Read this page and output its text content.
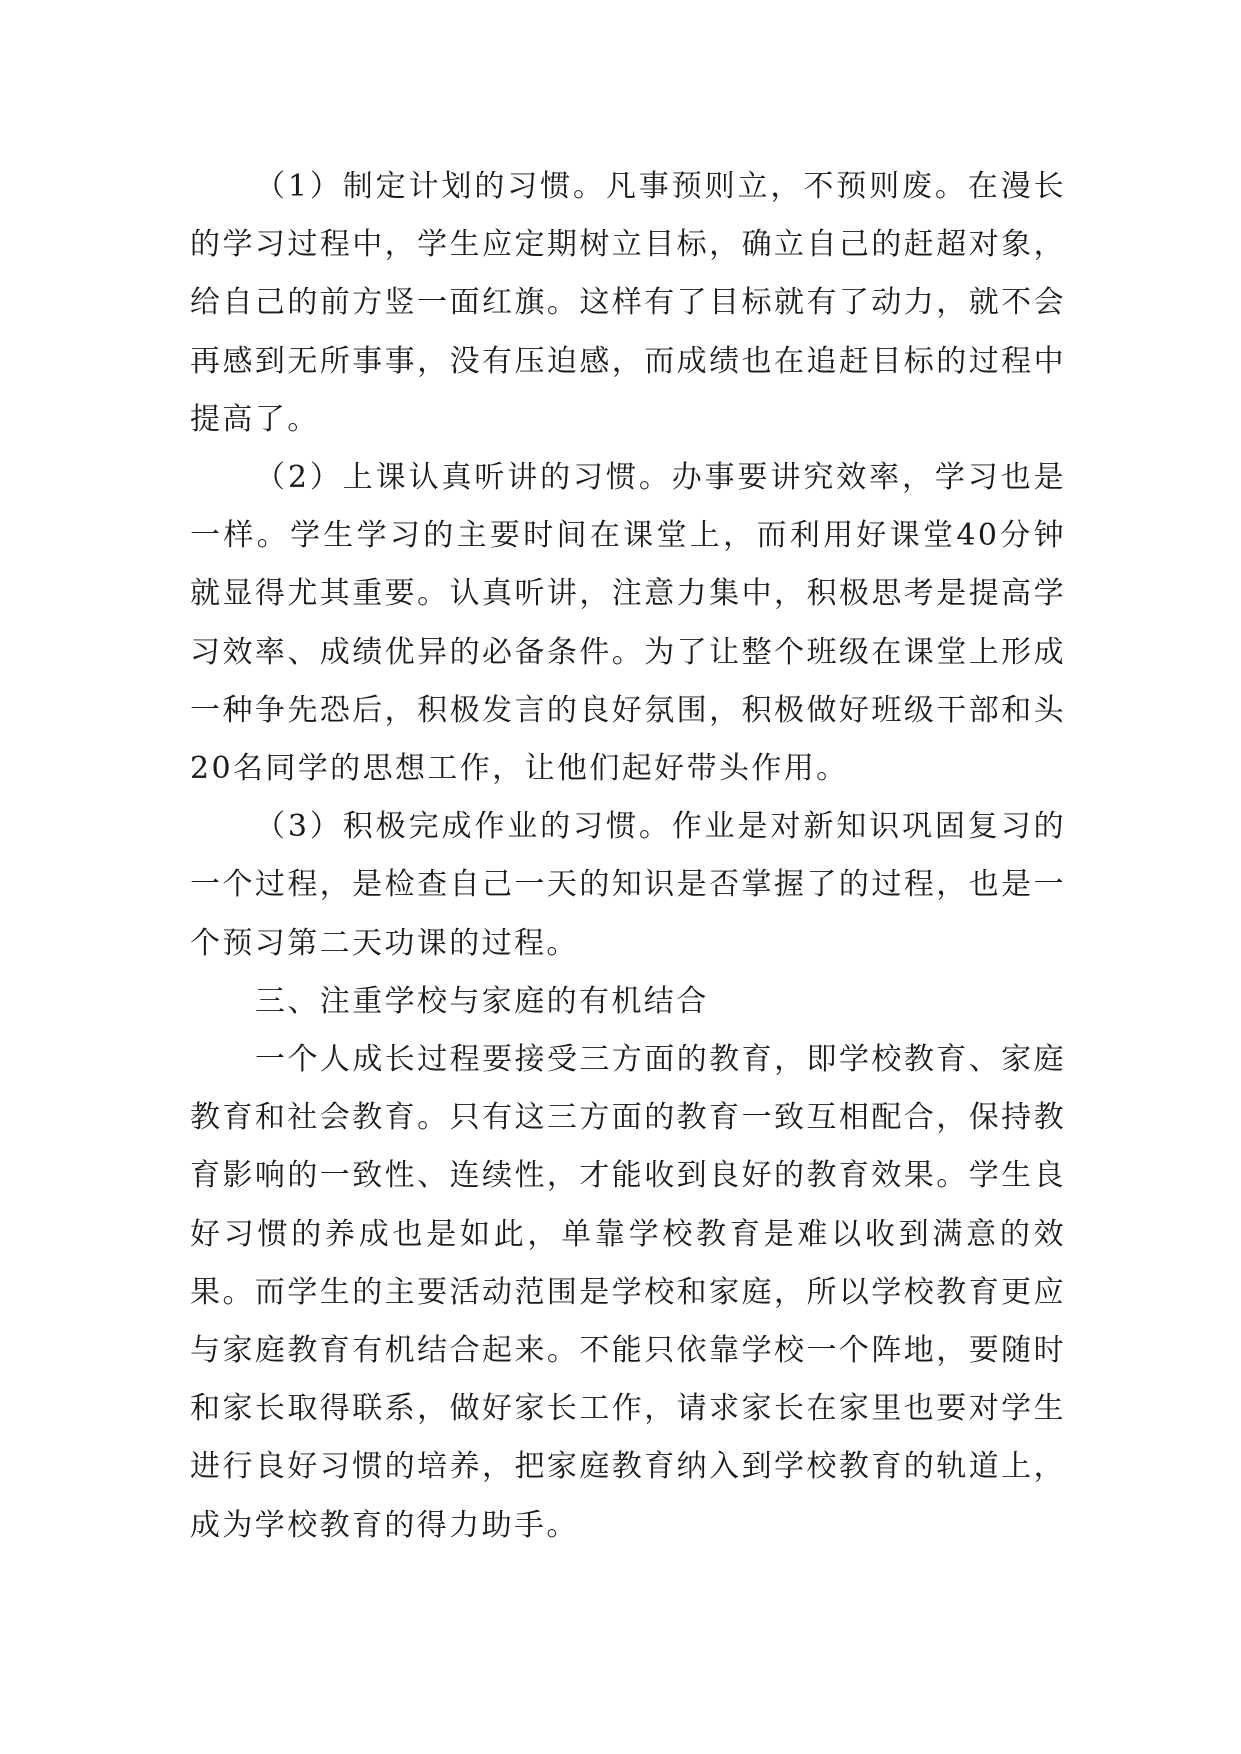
（1）制定计划的习惯。凡事预则立，不预则废。在漫长的学习过程中，学生应定期树立目标，确立自己的赶超对象，给自己的前方竖一面红旗。这样有了目标就有了动力，就不会再感到无所事事，没有压迫感，而成绩也在追赶目标的过程中提高了。

（2）上课认真听讲的习惯。办事要讲究效率，学习也是一样。学生学习的主要时间在课堂上，而利用好课堂40分钟就显得尤其重要。认真听讲，注意力集中，积极思考是提高学习效率、成绩优异的必备条件。为了让整个班级在课堂上形成一种争先恐后，积极发言的良好氛围，积极做好班级干部和头20名同学的思想工作，让他们起好带头作用。

（3）积极完成作业的习惯。作业是对新知识巩固复习的一个过程，是检查自己一天的知识是否掌握了的过程，也是一个预习第二天功课的过程。

三、注重学校与家庭的有机结合

一个人成长过程要接受三方面的教育，即学校教育、家庭教育和社会教育。只有这三方面的教育一致互相配合，保持教育影响的一致性、连续性，才能收到良好的教育效果。学生良好习惯的养成也是如此，单靠学校教育是难以收到满意的效果。而学生的主要活动范围是学校和家庭，所以学校教育更应与家庭教育有机结合起来。不能只依靠学校一个阵地，要随时和家长取得联系，做好家长工作，请求家长在家里也要对学生进行良好习惯的培养，把家庭教育纳入到学校教育的轨道上，成为学校教育的得力助手。
